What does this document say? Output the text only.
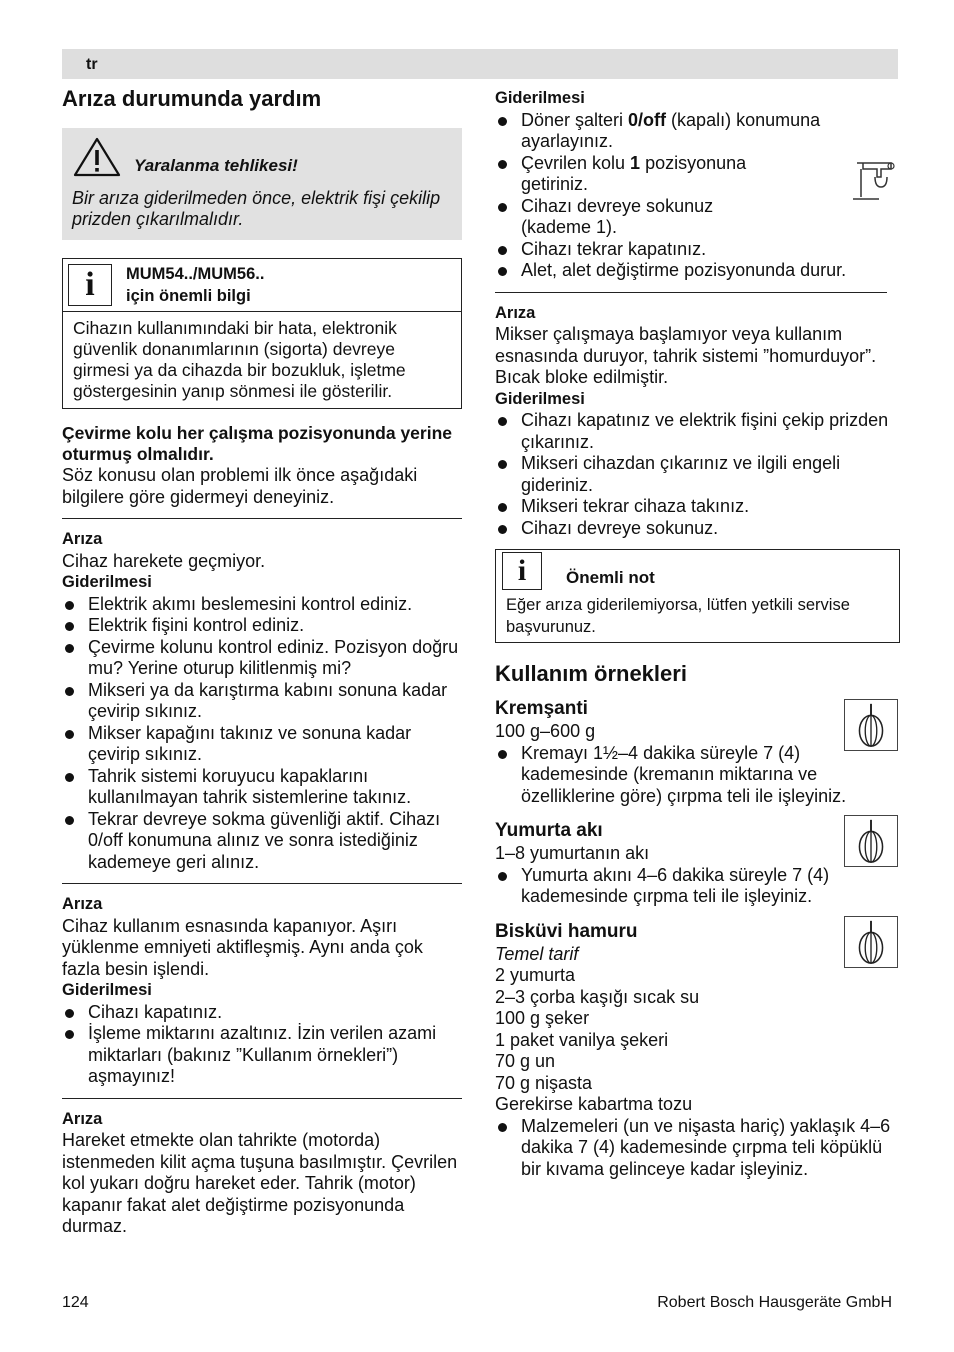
tr
Arıza durumunda yardım
Yaralanma tehlikesi!
Bir arıza giderilmeden önce, elektrik fişi çekilip prizden çıkarılmalıdır.
i	MUM54../MUM56..
için önemli bilgi
Cihazın kullanımındaki bir hata, elektronik güvenlik donanımlarının (sigorta) devreye girmesi ya da cihazda bir bozukluk, işletme göstergesinin yanıp sönmesi ile gösterilir.
Çevirme kolu her çalışma pozisyonunda yerine oturmuş olmalıdır.
Söz konusu olan problemi ilk önce aşağıdaki bilgilere göre gidermeyi deneyiniz.
Arıza
Cihaz harekete geçmiyor.
Giderilmesi
Elektrik akımı beslemesini kontrol ediniz.
Elektrik fişini kontrol ediniz.
Çevirme kolunu kontrol ediniz. Pozisyon doğru mu? Yerine oturup kilitlenmiş mi?
Mikseri ya da karıştırma kabını sonuna kadar çevirip sıkınız.
Mikser kapağını takınız ve sonuna kadar çevirip sıkınız.
Tahrik sistemi koruyucu kapaklarını kullanılmayan tahrik sistemlerine takınız.
Tekrar devreye sokma güvenliği aktif. Cihazı 0/off konumuna alınız ve sonra istediğiniz kademeye geri alınız.
Arıza
Cihaz kullanım esnasında kapanıyor. Aşırı yüklenme emniyeti aktifleşmiş. Aynı anda çok fazla besin işlendi.
Giderilmesi
Cihazı kapatınız.
İşleme miktarını azaltınız. İzin verilen azami miktarları (bakınız ”Kullanım örnekleri”) aşmayınız!
Arıza
Hareket etmekte olan tahrikte (motorda) istenmeden kilit açma tuşuna basılmıştır. Çevrilen kol yukarı doğru hareket eder. Tahrik (motor) kapanır fakat alet değiştirme pozisyonunda durmaz.
Giderilmesi
Döner şalteri 0/off (kapalı) konumuna ayarlayınız.
Çevrilen kolu 1 pozisyonuna getiriniz.
Cihazı devreye sokunuz (kademe 1).
Cihazı tekrar kapatınız.
Alet, alet değiştirme pozisyonunda durur.
Arıza
Mikser çalışmaya başlamıyor veya kullanım esnasında duruyor, tahrik sistemi ”homurduyor”. Bıcak bloke edilmiştir.
Giderilmesi
Cihazı kapatınız ve elektrik fişini çekip prizden çıkarınız.
Mikseri cihazdan çıkarınız ve ilgili engeli gideriniz.
Mikseri tekrar cihaza takınız.
Cihazı devreye sokunuz.
i	Önemli not
Eğer arıza giderilemiyorsa, lütfen yetkili servise başvurunuz.
Kullanım örnekleri
Kremşanti
100 g–600 g
Kremayı 1½–4 dakika süreyle 7 (4) kademesinde (kremanın miktarına ve özelliklerine göre) çırpma teli ile işleyiniz.
Yumurta akı
1–8 yumurtanın akı
Yumurta akını 4–6 dakika süreyle 7 (4) kademesinde çırpma teli ile işleyiniz.
Bisküvi hamuru
Temel tarif
2 yumurta
2–3 çorba kaşığı sıcak su
100 g şeker
1 paket vanilya şekeri
70 g un
70 g nişasta
Gerekirse kabartma tozu
Malzemeleri (un ve nişasta hariç) yaklaşık 4–6 dakika 7 (4) kademesinde çırpma teli köpüklü bir kıvama gelinceye kadar işleyiniz.
124	Robert Bosch Hausgeräte GmbH
